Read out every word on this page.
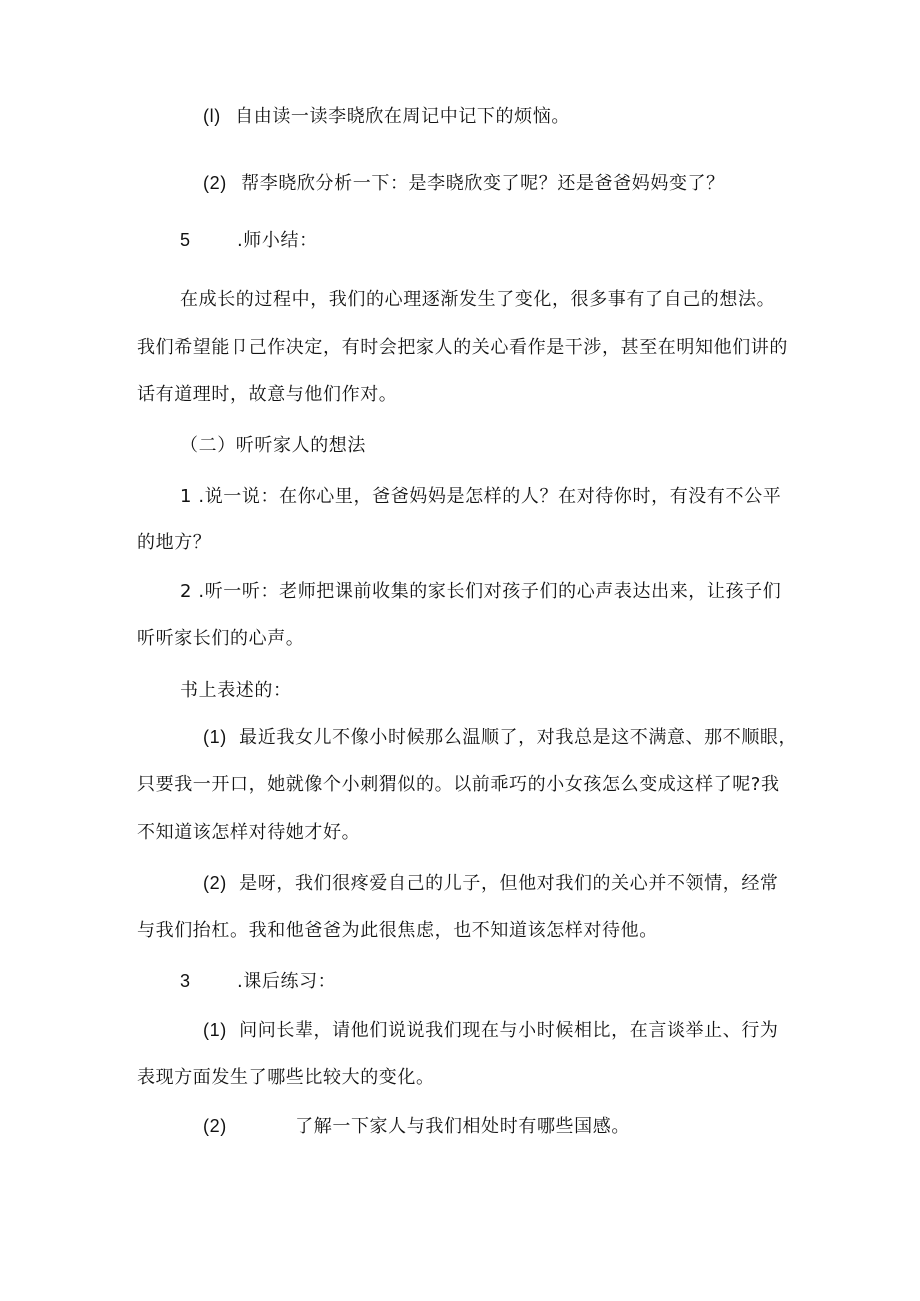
(l) 自由读一读李晓欣在周记中记下的烦恼。
(2) 帮李晓欣分析一下：是李晓欣变了呢？还是爸爸妈妈变了？
5	.师小结：
在成长的过程中，我们的心理逐渐发生了变化，很多事有了自己的想法。
我们希望能卩己作决定，有时会把家人的关心看作是干涉，甚至在明知他们讲的
话有道理时，故意与他们作对。
（二）听听家人的想法
1 .说一说：在你心里，爸爸妈妈是怎样的人？在对待你时，有没有不公平
的地方？
2 .听一听：老师把课前收集的家长们对孩子们的心声表达出来，让孩子们
听听家长们的心声。
书上表述的：
(1) 最近我女儿不像小时候那么温顺了，对我总是这不满意、那不顺眼，
只要我一开口，她就像个小刺猬似的。以前乖巧的小女孩怎么变成这样了呢?我
不知道该怎样对待她才好。
(2) 是呀，我们很疼爱自己的儿子，但他对我们的关心并不领情，经常
与我们抬杠。我和他爸爸为此很焦虑，也不知道该怎样对待他。
3	.课后练习：
(1) 问问长辈，请他们说说我们现在与小时候相比，在言谈举止、行为
表现方面发生了哪些比较大的变化。
(2)	了解一下家人与我们相处时有哪些国感。
